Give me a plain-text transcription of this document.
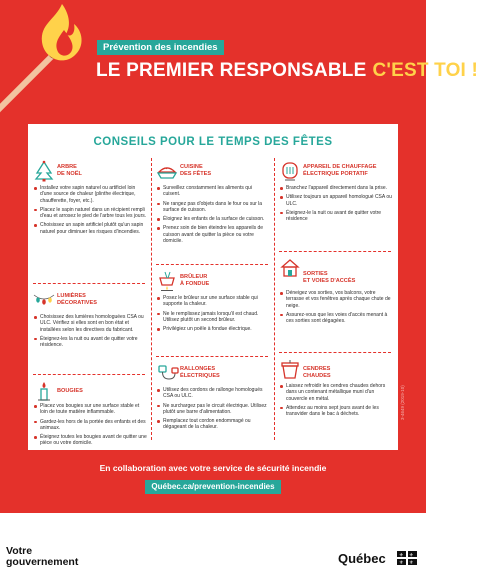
Prévention des incendies
LE PREMIER RESPONSABLE C'EST TOI !
CONSEILS POUR LE TEMPS DES FÊTES
ARBRE
DE NOËL
Installez votre sapin naturel ou artificiel loin d'une source de chaleur (plinthe électrique, chaufferette, foyer, etc.).
Placez le sapin naturel dans un récipient rempli d'eau et arrosez le pied de l'arbre tous les jours.
Choisissez un sapin artificiel plutôt qu'un sapin naturel pour diminuer les risques d'incendies.
LUMIÈRES
DÉCORATIVES
Choisissez des lumières homologuées CSA ou ULC. Vérifiez si elles sont en bon état et installées selon les directives du fabricant.
Éteignez-les la nuit ou avant de quitter votre résidence.
BOUGIES
Placez vos bougies sur une surface stable et loin de toute matière inflammable.
Gardez-les hors de la portée des enfants et des animaux.
Éteignez toutes les bougies avant de quitter une pièce ou votre domicile.
CUISINE
DES FÊTES
Surveillez constamment les aliments qui cuisent.
Ne rangez pas d'objets dans le four ou sur la surface de cuisson.
Éloignez les enfants de la surface de cuisson.
Prenez soin de bien éteindre les appareils de cuisson avant de quitter la pièce ou votre domicile.
BRÛLEUR
À FONDUE
Posez le brûleur sur une surface stable qui supporte la chaleur.
Ne le remplissez jamais lorsqu'il est chaud. Utilisez plutôt un second brûleur.
Privilégiez un poêle à fondue électrique.
RALLONGES
ÉLECTRIQUES
Utilisez des cordons de rallonge homologués CSA ou ULC.
Ne surchargez pas le circuit électrique. Utilisez plutôt une barre d'alimentation.
Remplacez tout cordon endommagé ou dégageant de la chaleur.
APPAREIL DE CHAUFFAGE
ÉLECTRIQUE PORTATIF
Branchez l'appareil directement dans la prise.
Utilisez toujours un appareil homologué CSA ou ULC.
Éteignez-le la nuit ou avant de quitter votre résidence
SORTIES
ET VOIES D'ACCÈS
Déneigez vos sorties, vos balcons, votre terrasse et vos fenêtres après chaque chute de neige.
Assurez-vous que les voies d'accès menant à ces sorties sont dégagées.
CENDRES
CHAUDES
Laissez refroidir les cendres chaudes dehors dans un contenant métallique muni d'un couvercle en métal.
Attendez au moins sept jours avant de les transvider dans le bac à déchets.	3-4649 (2019-10)
En collaboration avec votre service de sécurité incendie
Québec.ca/prevention-incendies
Votre
gouvernement	Québec	⚜ ⚜
⚜ ⚜
